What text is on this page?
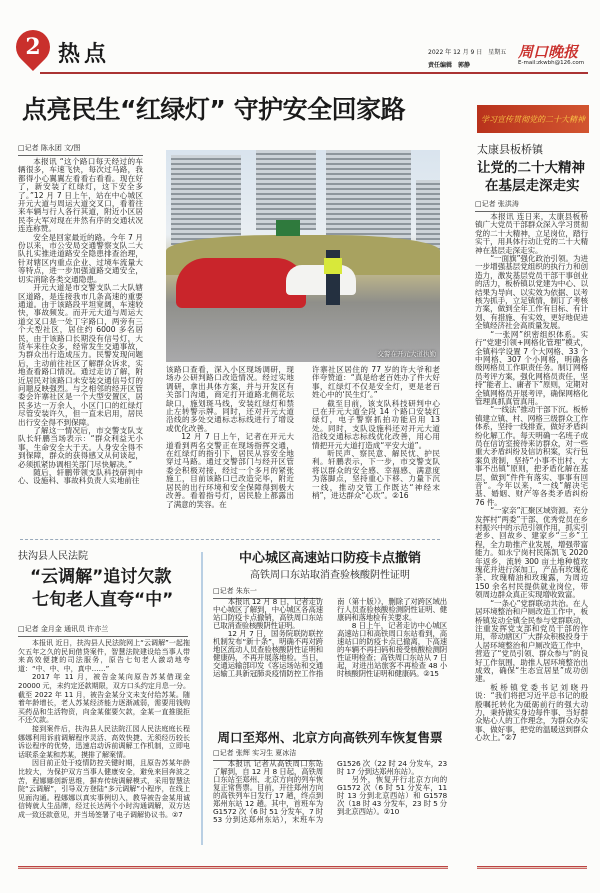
2 热点	2022 年 12 月 9 日　星期五
责任编辑　郭静
周口晚报
E-mail:zkwbh@126.com
点亮民生“红绿灯” 守护安全回家路
□记者 陈永团 文/图

本报讯 “这个路口每天经过的车辆很多，车速飞快，每次过马路，我都得小心翼翼左看看右看看。现在好了，新安装了红绿灯，这下安全多了。”12 月 7 日上午，站在中心城区开元大道与周运大道交叉口，看着往来车辆与行人各行其道，附近小区居民李大军对现在井然有序的交通状况连连称赞。

安全是回家最近的路。今年 7 月份以来，市公安局交通警察支队二大队扎实推进道路安全隐患排查治理，针对辖区内重点企业、过境车流量大等特点，进一步加强道路交通安全，切实消除各类交通隐患。

开元大道是市交警支队二大队辖区道路，是连接我市几条高速的重要通道。由于该路段平坦宽阔，车速较快，事故频发。而开元大道与周运大道交叉口是一处丁字路口，两旁有三个大型社区，居住约 6000 多名居民，由于该路口长期没有信号灯，大货车来往众多，经常发生交通事故，为群众出行造成压力。民警发现问题后，主动前往社区了解群众诉求，实地查看路口情况。通过走访了解，附近居民对该路口未安装交通信号灯的问题反映强烈。与之相邻的经开区管委会许寨社区是一个大型安置区，居民多达一万余人，小区门口的红绿灯尽管安装许久，但一直未启用，居民出行安全得不到保障。

了解这一情况后，市交警支队支队长轩鹏当场表示：“群众利益无小事，生命安全大于天。人身安全得不到保障，群众的获得感又从何谈起，必须抓紧协调相关部门尽快解决。”

随后，轩鹏带领支队科技研判中心、设施科、事故科负责人实地前往

交警在开元大道执勤

该路口查看，深入小区现场调研，现场办公研判路口改造情况。经过实地调研，拿出具体方案，并与开发区有关部门沟通，商定打开道路北侧花坛缺口，施划斑马线，安装红绿灯和禁止左转警示牌。同时，还对开元大道沿线的多处交通标志标线进行了增设或优化改善。

12 月 7 日上午，记者在开元大道看到两名交警正在现场指挥交通，在红绿灯的指引下，居民从容安全地穿过马路。通过交警部门与经开区管委会积极对接，经过一个多月的紧张施工，目前该路口已改造完毕，附近居民的出行环境和安全保障得到极大改善。看着指号灯，居民脸上都露出了满意的笑容。在

许寨社区居住的 77 岁的许大爷和老伴夸赞道：“真是给老百姓办了件大好事，红绿灯不仅是安全灯，更是老百姓心中的‘民生灯’。”

截至目前，该支队科技研判中心已在开元大道全段 14 个路口安装红绿灯，电子警察抓拍功能启用 13 处。同时，支队设施科还对开元大道沿线交通标志标线优化改善，用心用情把开元大道打造成“平安大道”。

听民声、察民意、解民忧、护民利。轩鹏表示，下一步，市交警支队将以群众的安全感、幸福感、满意度为落脚点，坚持重心下移、力量下沉一线，推动交管工作既达“神经末梢”，进达群众“心坎”。②16

学习宣传贯彻党的二十大精神
太康县板桥镇
让党的二十大精神
在基层走深走实
□记者 张洪涛

本报讯 连日来，太康县板桥镇广大党员干部群众深入学习贯彻党的二十大精神，立足岗位，踏行实干，用具体行动让党的二十大精神在基层走深走实。

“一面旗”强化政治引领。为进一步增强基层党组织的执行力和创造力，激发基层党员干部干事创业的活力，板桥镇以党建为中心、以结果为导向、以实效为依据、以考核为抓手，立足镇情，制订了考核方案，做到全年工作有目标、有计划、有措施、有实效，更好地促进全镇经济社会高质量发展。

“一张网”织密组织体系。实行“党建引领+网格化管理”模式，全镇科学设置 7 个大网格、33 个中网格、307 个小网格，明确各级网格员工作职责任务。制订网格员考评方案，强化网格员责任，坚持“能者上、庸者下”原则，定期对全镇网格员开展考评，确保网格化管理真抓真管真用。

“一线法”推动干部下沉。板桥镇建立镇、村、网格三级群众工作体系，坚持一线排查，做好矛盾纠纷化解工作。每天明确一名班子成员在信访室接待来访群众，对一些重大矛盾纠纷及信访积案，实行包案负责制，坚持“小事不出村、大事不出镇”原则，把矛盾化解在基层，做到“件件有落实、事事有回音”。今年以来，“一线”解决宅基、婚姻、财产等各类矛盾纠纷 76 件。

“一家亲”汇聚区域资源。充分发挥村“两委”干部、优秀党员在乡村振兴中的示范引领作用，抓实引老乡、回故乡、建家乡“三乡”工程，全力助推产业发展，增强带富能力。如永宁岗村民陈凯飞 2020 年返乡，流转 300 亩土地种植玫瑰花并进行深加工，产品有玫瑰花茶、玫瑰精油和玫瑰露，为周边 150 余名村民提供就业岗位，带领周边群众真正实现增收致富。

“一条心”党群联动共治。在人居环境整治和户厕改造工作中，板桥镇发动全镇全民参与党群联动，注重发挥党支部和党员干部的作用，带动辖区广大群众积极投身于人居环境整治和户厕改造工作中，营造了“党员引领、群众参与”的良好工作氛围，助推人居环境整治出成效，确保“生态宜居星”成功创建。

板桥镇党委书记刘晓丹说：“我们将把习近平总书记的殷殷嘱托转化为砥砺前行的强大动力，秉持做实身边每件事、当好群众贴心人的工作理念，为群众办实事、做好事，把党的温暖送到群众心坎上。”②7

扶沟县人民法院
“云调解”追讨欠款
七旬老人直夸“中”
□记者 金月金 通讯员 许亦兰

本报讯 近日，扶沟县人民法院网上“云调解”一起拖欠五年之久的民间借贷案件，智慧法院建设给当事人带来高效便捷的司法服务，原告七旬老人激动地夸道：“中、中、中，真中……”

2017 年 11 月，被告金某向原告苏某借现金 20000 元，未约定还款期限，双方口头约定月息一分。截至 2022 年 11 月，被告金某分文未支付给苏某。随着年龄增长，老人苏某经济能力逐渐减弱，需要用钱购买药品和生活物资，向金某催要欠款，金某一直推脱拒不还欠款。

接到案件后，扶沟县人民法院江园人民法庭庭长程娜娜利用诉前调解程序灵活、高效快捷、无须经历较长诉讼程序的优势，迅速启动诉前调解工作机制，立即电话联系金某和苏某，摸排了解案情。

因目前正处于疫情防控关键时期，且原告苏某年龄比较大，为保护双方当事人健康安全，避免来回奔波之苦，程娜娜创新思维，摒弃传统调解模式，采用智慧法院“云调解”，引导双方登陆“多元调解”小程序，在线上见面沟通。程娜娜以真实事例切入，教导被告金某用诚信铸就人生品牌，经过长达两个小时沟通调解，双方达成一致还款意见，并当场签署了电子调解协议书。②7

中心城区高速站口防疫卡点撤销
高铁周口东站取消查验核酸阴性证明
□记者 朱东一

本报讯 12 月 8 日，记者走访中心城区了解到，中心城区各高速站口防疫卡点撤销，高铁周口东站已取消查验核酸阴性证明。

12 月 7 日，国务院联防联控机制发布“新十条”，明确不再对跨地区流动人员查验核酸阴性证明和健康码，不再开展落地检。当日，交通运输部印发《客运场站和交通运输工具新冠肺炎疫情防控工作指南（第十版）》，删除了对跨区域出行人员查验核酸检测阴性证明、健康码和落地检有关要求。

8 日上午，记者走访中心城区高速站口和高铁周口东站看到，高速站口的防疫卡点已撤离，下高速的车辆不再扫码和接受核酸检测阴性证明检查；高铁周口东站从 7 日起，对进出站旅客不再检查 48 小时核酸阴性证明和健康码。②15

周口至郑州、北京方向高铁列车恢复售票
□记者 张辉 实习生 夏冰洁

本报讯 记者从高铁周口东站了解到，自 12 月 8 日起，高铁周口东站至郑州、北京方向的列车恢复正常售票。目前，开往郑州方向的高铁列车日发行 17 趟，终点到郑州东站 12 趟。其中，首班车为 G1572 次（6 时 51 分发车，7 时 53 分到达郑州东站），末班车为 G1526 次（22 时 24 分发车，23 时 17 分到达郑州东站）。

另外，恢复开行北京方向的 G1572 次（6 时 51 分发车，11 时 13 分到北京西站）和 G1578 次（18 时 43 分发车，23 时 5 分到北京西站）。②10
